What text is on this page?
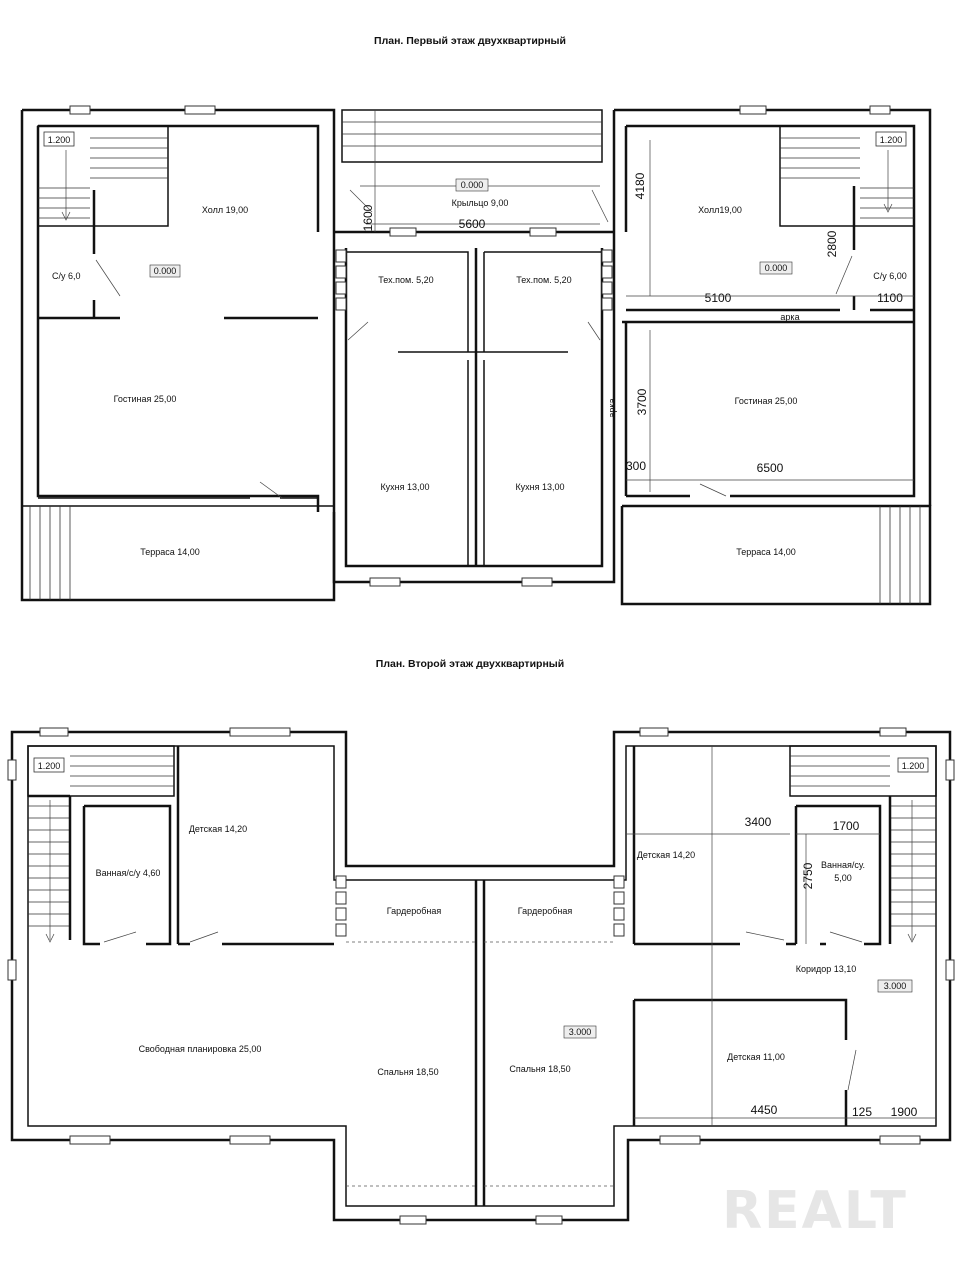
План. Первый этаж двухквартирный
1.200
Холл 19,00
0.000
С/у 6,0
Гостиная 25,00
Терраса 14,00
0.000
Крыльцо 9,00
5600
1600
Тех.пом. 5,20	Тех.пом. 5,20
Кухня 13,00	Кухня 13,00
1.200
Холл19,00
0.000
С/у 6,00
4180
2800
5100	1100
арка
арка 3700
300	6500
Гостиная 25,00
Терраса 14,00
План. Второй этаж двухквартирный
1.200
Ванная/с/у 4,60
Детская 14,20
Свободная планировка 25,00
Гардеробная	Гардеробная
Спальня 18,50	Спальня 18,50
3.000
1.200
Детская 14,20
3400	1700
2750 Ванная/су.
5,00
Коридор 13,10
3.000
Детская 11,00
4450	125 1900
REALT
